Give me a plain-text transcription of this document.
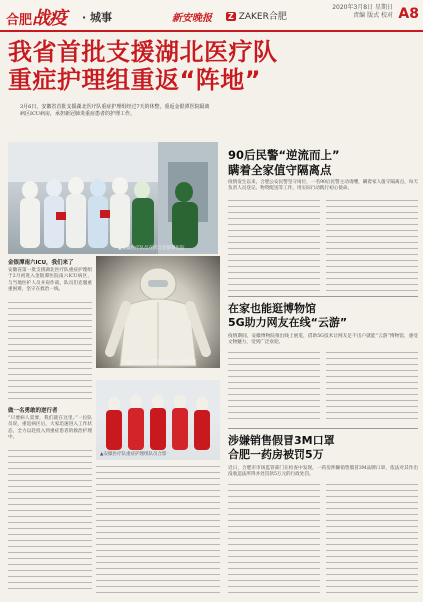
合肥战疫 · 城事	新安晚报 Z ZAKER合肥
2020年3月8日 星期日
责编 版式 校对 A8
我省首批支援湖北医疗队
重症护理组重返“阵地”
3月6日，安徽省首批支援湖北医疗队重症护理组经过7天的休整，重返金银潭医院隔离病区ICU病房，承担新冠肺炎重症患者的护理工作。
▲安徽医疗队员在武汉金银潭医院
90后民警“逆流而上”
瞒着全家值守隔离点
疫情发生以来，合肥公安民警坚守岗位，一名90后民警主动请缨，瞒着家人值守隔离点，每天负责人员登记、物资配送等工作，用实际行动践行初心使命。
在家也能逛博物馆
5G助力网友在线“云游”
疫情期间，安徽博物院推出线上展览，借助5G技术让网友足不出户就能“云游”博物馆，感受文物魅力，受到广泛欢迎。
涉嫌销售假冒3M口罩
合肥一药房被罚5万
近日，合肥市市场监管部门在检查中发现，一药房涉嫌销售假冒3M品牌口罩，依法对其作出没收违法所得并处罚款5万元的行政处罚。
金银潭南六ICU，我们来了
安徽省第一批支援湖北医疗队重症护理组于2月初进入金银潭医院南六ICU病区，与当地医护人员并肩作战，队员们克服重重困难，坚守在救治一线。
做一名勇敢的逆行者
“只要病人需要，我们就在这里。”一位队员说，重返病区后，大家迅速进入工作状态，全力以赴投入到重症患者的救治护理中。
▲队员穿上防护服准备进入隔离病区
▲安徽医疗队重症护理组队员合影
